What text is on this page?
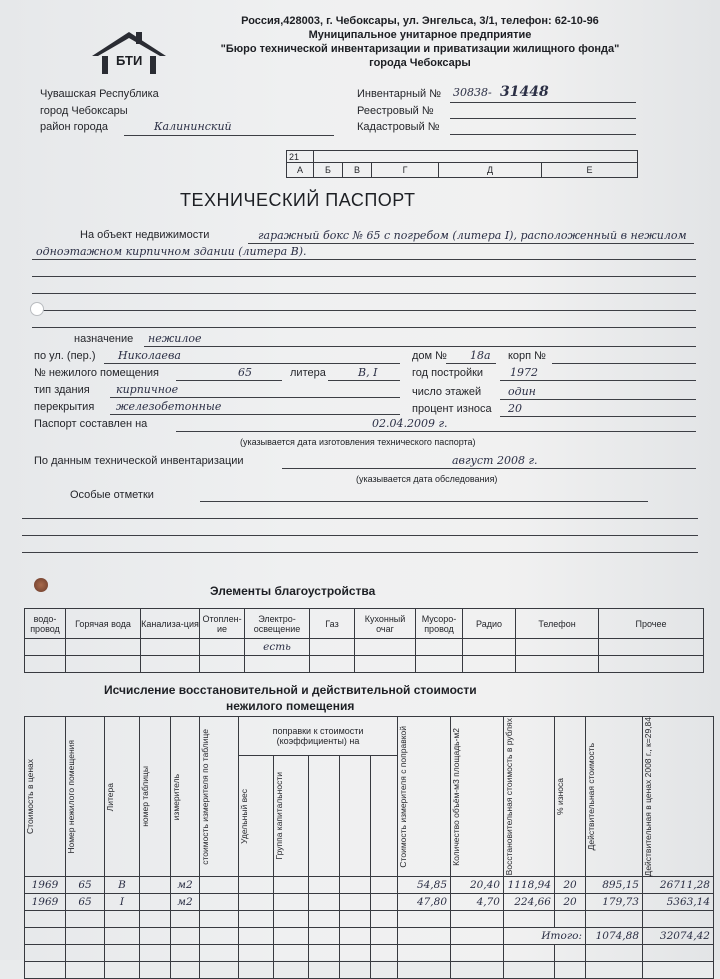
БТИ
Россия,428003, г. Чебоксары, ул. Энгельса, 3/1, телефон: 62-10-96
Муниципальное унитарное предприятие
"Бюро технической инвентаризации и приватизации жилищного фонда"
города Чебоксары
Чувашская Республика
город Чебоксары
район города	Калининский
Инвентарный № 30838- 31448
Реестровый №
Кадастровый №
21					
А	Б	В	Г	Д	Е
ТЕХНИЧЕСКИЙ ПАСПОРТ
На объект недвижимости	гаражный бокс № 65 с погребом (литера I), расположенный в нежилом
одноэтажном кирпичном здании (литера В).
назначение нежилое
по ул. (пер.) Николаева	дом № 18а корп №
№ нежилого помещения	65	литера	В, I	год постройки 1972
тип здания кирпичное	число этажей один
перекрытия железобетонные	процент износа 20
Паспорт составлен на	02.04.2009 г.
(указывается дата изготовления технического паспорта)
По данным технической инвентаризации	август 2008 г.
(указывается дата обследования)
Особые отметки
Элементы благоустройства
водо-провод	Горячая вода	Канализа-ция	Отоплен-ие	Электро-освещение	Газ	Кухонный очаг	Мусоро-провод	Радио	Телефон	Прочее
				есть						

Исчисление восстановительной и действительной стоимости
нежилого помещения
Стоимость в ценах	Номер нежилого помещения	Литера	номер таблицы	измеритель	стоимость измерителя по таблице	поправки к стоимости (коэффициенты) на					Стоимость измерителя с поправкой	Количество объём-м3 площадь-м2	Восстановительная стоимость в рублях	% износа	Действительная стоимость	Действительная в ценах 2008 г., к=29,84

						Удельный вес	Группа капитальности									

1969	65	В		м2							54,85	20,40	1118,94	20	895,15	26711,28
1969	65	I		м2							47,80	4,70	224,66	20	179,73	5363,14

													Итого:		1074,88	32074,42
